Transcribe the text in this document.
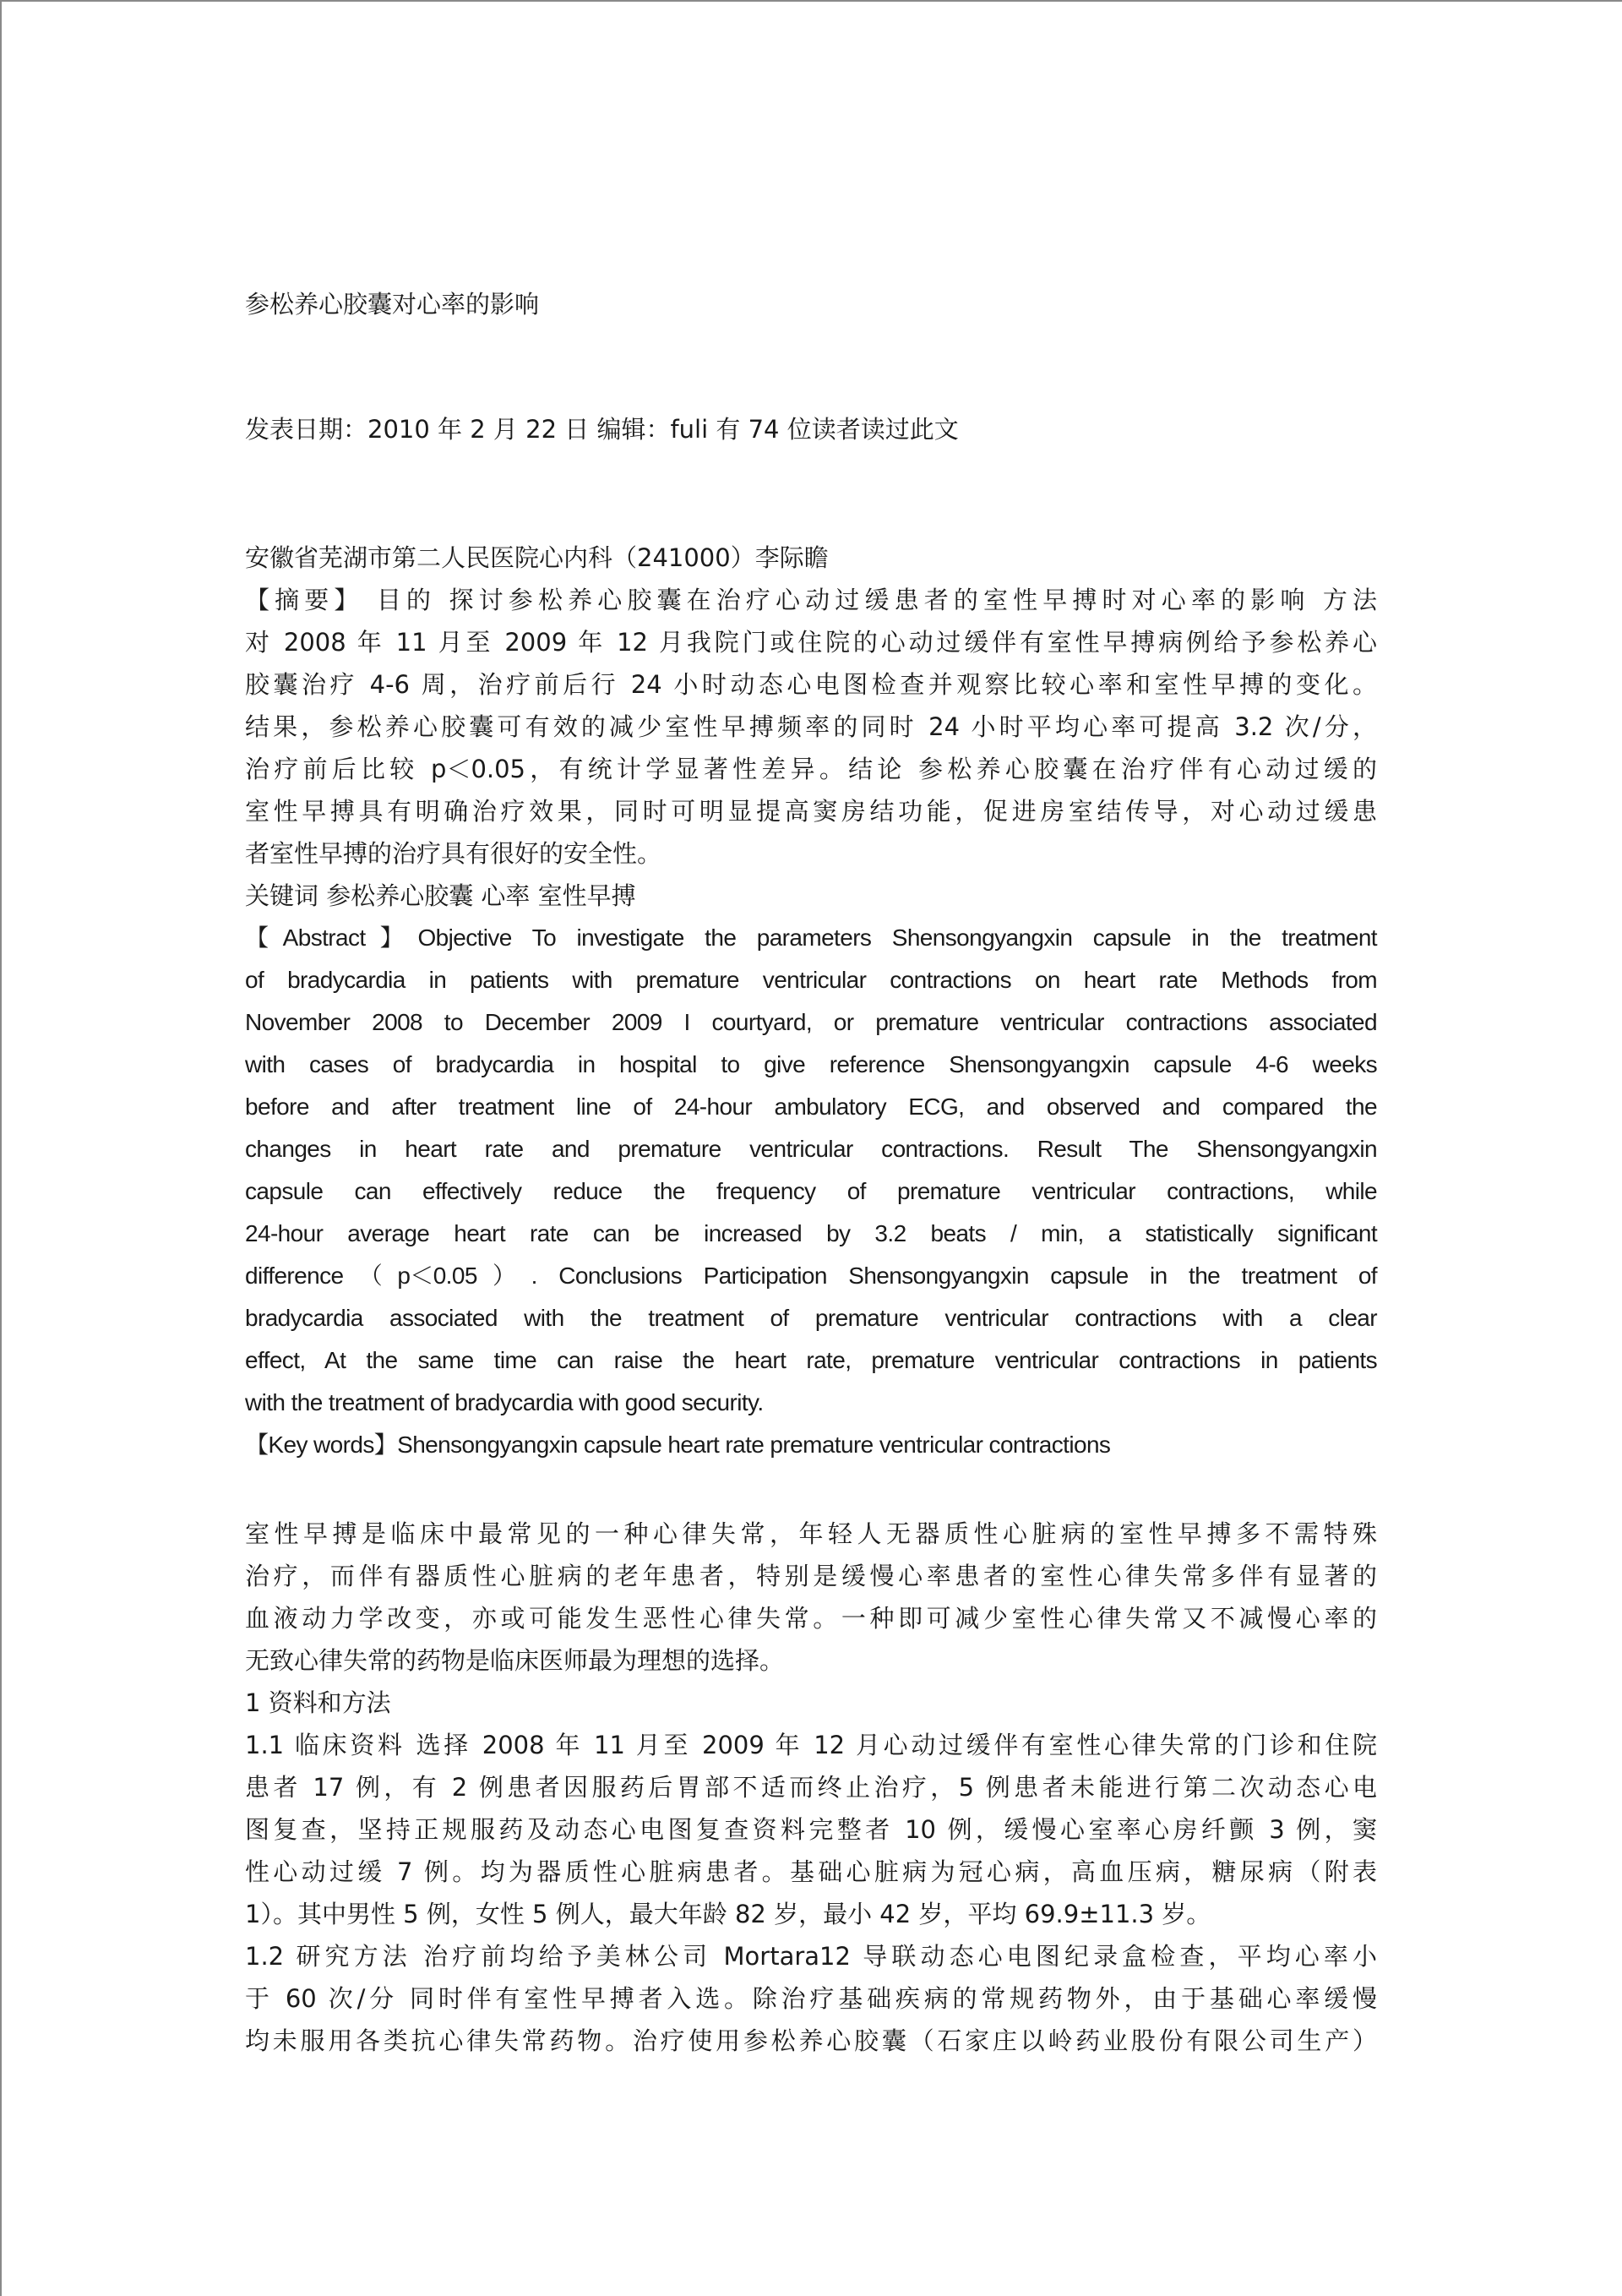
参松养心胶囊对心率的影响
发表日期：2010 年 2 月 22 日 编辑：fuli 有 74 位读者读过此文
安徽省芜湖市第二人民医院心内科（241000）李际瞻
【摘要】 目的 探讨参松养心胶囊在治疗心动过缓患者的室性早搏时对心率的影响 方法
对 2008 年 11 月至 2009 年 12 月我院门或住院的心动过缓伴有室性早搏病例给予参松养心
胶囊治疗 4-6 周，治疗前后行 24 小时动态心电图检查并观察比较心率和室性早搏的变化。
结果，参松养心胶囊可有效的减少室性早搏频率的同时 24 小时平均心率可提高 3.2 次/分，
治疗前后比较 p＜0.05，有统计学显著性差异。结论 参松养心胶囊在治疗伴有心动过缓的
室性早搏具有明确治疗效果，同时可明显提高窦房结功能，促进房室结传导，对心动过缓患
者室性早搏的治疗具有很好的安全性。
关键词 参松养心胶囊 心率 室性早搏
【Abstract】Objective To investigate the parameters Shensongyangxin capsule in the treatment
of bradycardia in patients with premature ventricular contractions on heart rate Methods from
November 2008 to December 2009 I courtyard, or premature ventricular contractions associated
with cases of bradycardia in hospital to give reference Shensongyangxin capsule 4-6 weeks
before and after treatment line of 24-hour ambulatory ECG, and observed and compared the
changes in heart rate and premature ventricular contractions. Result The Shensongyangxin
capsule can effectively reduce the frequency of premature ventricular contractions, while
24-hour average heart rate can be increased by 3.2 beats / min, a statistically significant
difference（p＜0.05）. Conclusions Participation Shensongyangxin capsule in the treatment of
bradycardia associated with the treatment of premature ventricular contractions with a clear
effect, At the same time can raise the heart rate, premature ventricular contractions in patients
with the treatment of bradycardia with good security.
【Key words】Shensongyangxin capsule heart rate premature ventricular contractions
室性早搏是临床中最常见的一种心律失常，年轻人无器质性心脏病的室性早搏多不需特殊
治疗，而伴有器质性心脏病的老年患者，特别是缓慢心率患者的室性心律失常多伴有显著的
血液动力学改变，亦或可能发生恶性心律失常。一种即可减少室性心律失常又不减慢心率的
无致心律失常的药物是临床医师最为理想的选择。
1 资料和方法
1.1 临床资料 选择 2008 年 11 月至 2009 年 12 月心动过缓伴有室性心律失常的门诊和住院
患者 17 例，有 2 例患者因服药后胃部不适而终止治疗，5 例患者未能进行第二次动态心电
图复查，坚持正规服药及动态心电图复查资料完整者 10 例，缓慢心室率心房纤颤 3 例，窦
性心动过缓 7 例。均为器质性心脏病患者。基础心脏病为冠心病，高血压病，糖尿病（附表
1）。其中男性 5 例，女性 5 例人，最大年龄 82 岁，最小 42 岁，平均 69.9±11.3 岁。
1.2 研究方法 治疗前均给予美林公司 Mortara12 导联动态心电图纪录盒检查，平均心率小
于 60 次/分 同时伴有室性早搏者入选。除治疗基础疾病的常规药物外，由于基础心率缓慢
均未服用各类抗心律失常药物。治疗使用参松养心胶囊（石家庄以岭药业股份有限公司生产）
